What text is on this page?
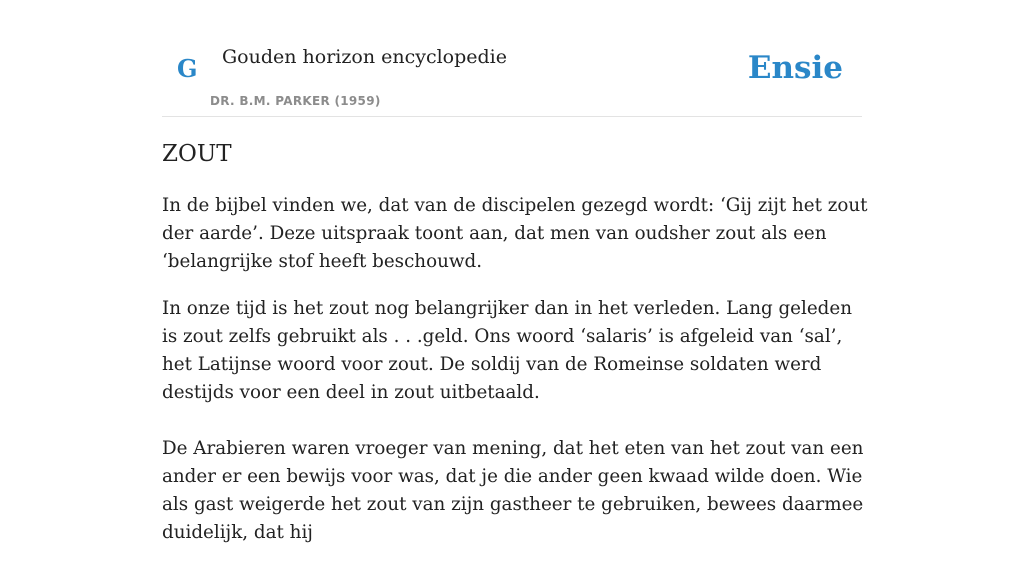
G Gouden horizon encyclopedie
DR. B.M. PARKER (1959)
Ensie
ZOUT

In de bijbel vinden we, dat van de discipelen gezegd wordt: ‘Gij zijt het zout der aarde’. Deze uitspraak toont aan, dat men van oudsher zout als een ‘belangrijke stof heeft beschouwd.

In onze tijd is het zout nog belangrijker dan in het verleden. Lang geleden is zout zelfs gebruikt als . . .geld. Ons woord ‘salaris’ is afgeleid van ‘sal’, het Latijnse woord voor zout. De soldij van de Romeinse soldaten werd destijds voor een deel in zout uitbetaald.

De Arabieren waren vroeger van mening, dat het eten van het zout van een ander er een bewijs voor was, dat je die ander geen kwaad wilde doen. Wie als gast weigerde het zout van zijn gastheer te gebruiken, bewees daarmee duidelijk, dat hij
